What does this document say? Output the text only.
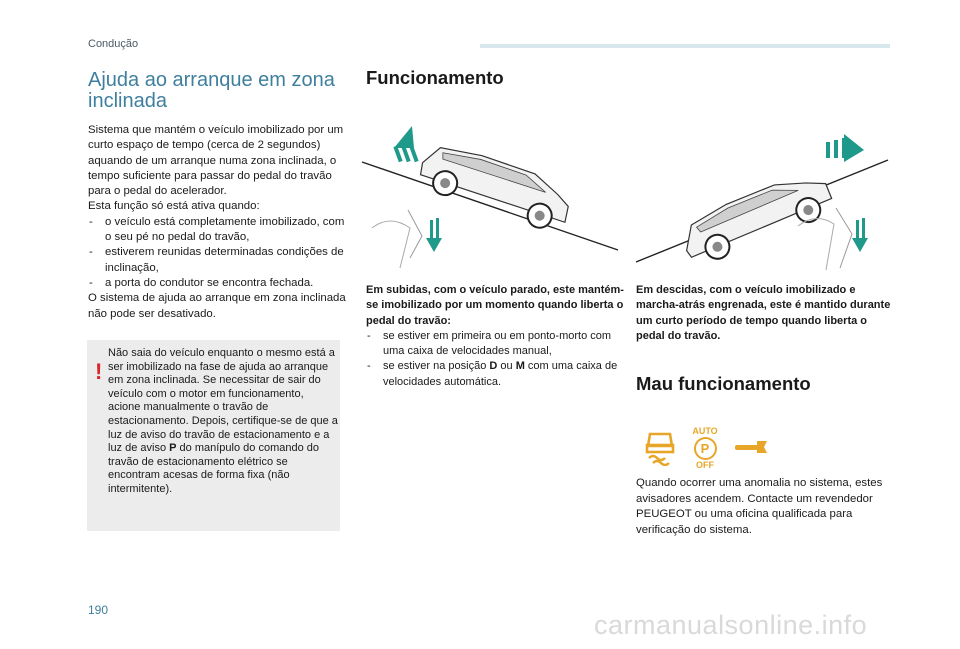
Condução
Ajuda ao arranque em zona inclinada

Sistema que mantém o veículo imobilizado por um curto espaço de tempo (cerca de 2 segundos) aquando de um arranque numa zona inclinada, o tempo suficiente para passar do pedal do travão para o pedal do acelerador.

Esta função só está ativa quando:

- o veículo está completamente imobilizado, com o seu pé no pedal do travão,
- estiverem reunidas determinadas condições de inclinação,
- a porta do condutor se encontra fechada.

O sistema de ajuda ao arranque em zona inclinada não pode ser desativado.

!
Não saia do veículo enquanto o mesmo está a ser imobilizado na fase de ajuda ao arranque em zona inclinada. Se necessitar de sair do veículo com o motor em funcionamento, acione manualmente o travão de estacionamento. Depois, certifique-se de que a luz de aviso do travão de estacionamento e a luz de aviso P do manípulo do comando do travão de estacionamento elétrico se encontram acesas de forma fixa (não intermitente).
Funcionamento
Em subidas, com o veículo parado, este mantém-se imobilizado por um momento quando liberta o pedal do travão:
- se estiver em primeira ou em ponto-morto com uma caixa de velocidades manual,
- se estiver na posição D ou M com uma caixa de velocidades automática.
Em descidas, com o veículo imobilizado e marcha-atrás engrenada, este é mantido durante um curto período de tempo quando liberta o pedal do travão.
Mau funcionamento
AUTO
P
OFF
Quando ocorrer uma anomalia no sistema, estes avisadores acendem. Contacte um revendedor PEUGEOT ou uma oficina qualificada para verificação do sistema.
190	carmanualsonline.info
